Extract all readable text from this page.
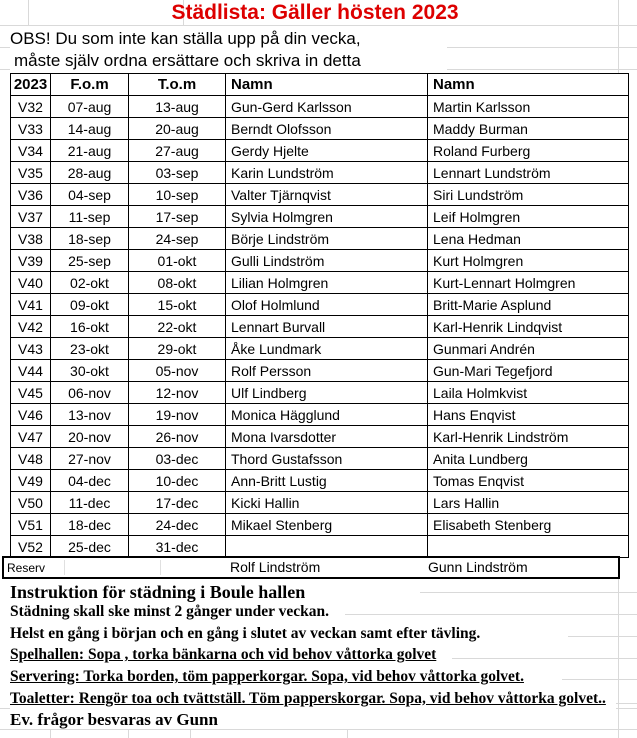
Städlista: Gäller hösten 2023
OBS! Du som inte kan ställa upp på din vecka,
måste själv ordna ersättare och skriva in detta
2023	F.o.m	T.o.m	Namn	Namn
V32	07-aug	13-aug	Gun-Gerd Karlsson	Martin Karlsson
V33	14-aug	20-aug	Berndt Olofsson	Maddy Burman
V34	21-aug	27-aug	Gerdy Hjelte	Roland Furberg
V35	28-aug	03-sep	Karin Lundström	Lennart Lundström
V36	04-sep	10-sep	Valter Tjärnqvist	Siri Lundström
V37	11-sep	17-sep	Sylvia Holmgren	Leif Holmgren
V38	18-sep	24-sep	Börje Lindström	Lena Hedman
V39	25-sep	01-okt	Gulli Lindström	Kurt Holmgren
V40	02-okt	08-okt	Lilian Holmgren	Kurt-Lennart Holmgren
V41	09-okt	15-okt	Olof Holmlund	Britt-Marie Asplund
V42	16-okt	22-okt	Lennart Burvall	Karl-Henrik Lindqvist
V43	23-okt	29-okt	Åke Lundmark	Gunmari Andrén
V44	30-okt	05-nov	Rolf Persson	Gun-Mari Tegefjord
V45	06-nov	12-nov	Ulf Lindberg	Laila Holmkvist
V46	13-nov	19-nov	Monica Hägglund	Hans Enqvist
V47	20-nov	26-nov	Mona Ivarsdotter	Karl-Henrik Lindström
V48	27-nov	03-dec	Thord Gustafsson	Anita Lundberg
V49	04-dec	10-dec	Ann-Britt Lustig	Tomas Enqvist
V50	11-dec	17-dec	Kicki Hallin	Lars Hallin
V51	18-dec	24-dec	Mikael Stenberg	Elisabeth Stenberg
V52	25-dec	31-dec		
Reserv	Rolf Lindström	Gunn Lindström
Instruktion för städning i Boule hallen
Städning skall ske minst 2 gånger under veckan.
Helst en gång i början och en gång i slutet av veckan samt efter tävling.
Spelhallen: Sopa , torka bänkarna och vid behov våttorka golvet
Servering: Torka borden, töm papperkorgar. Sopa, vid behov våttorka golvet.
Toaletter: Rengör toa och tvättställ. Töm papperskorgar. Sopa, vid behov våttorka golvet..
Ev. frågor besvaras av Gunn
